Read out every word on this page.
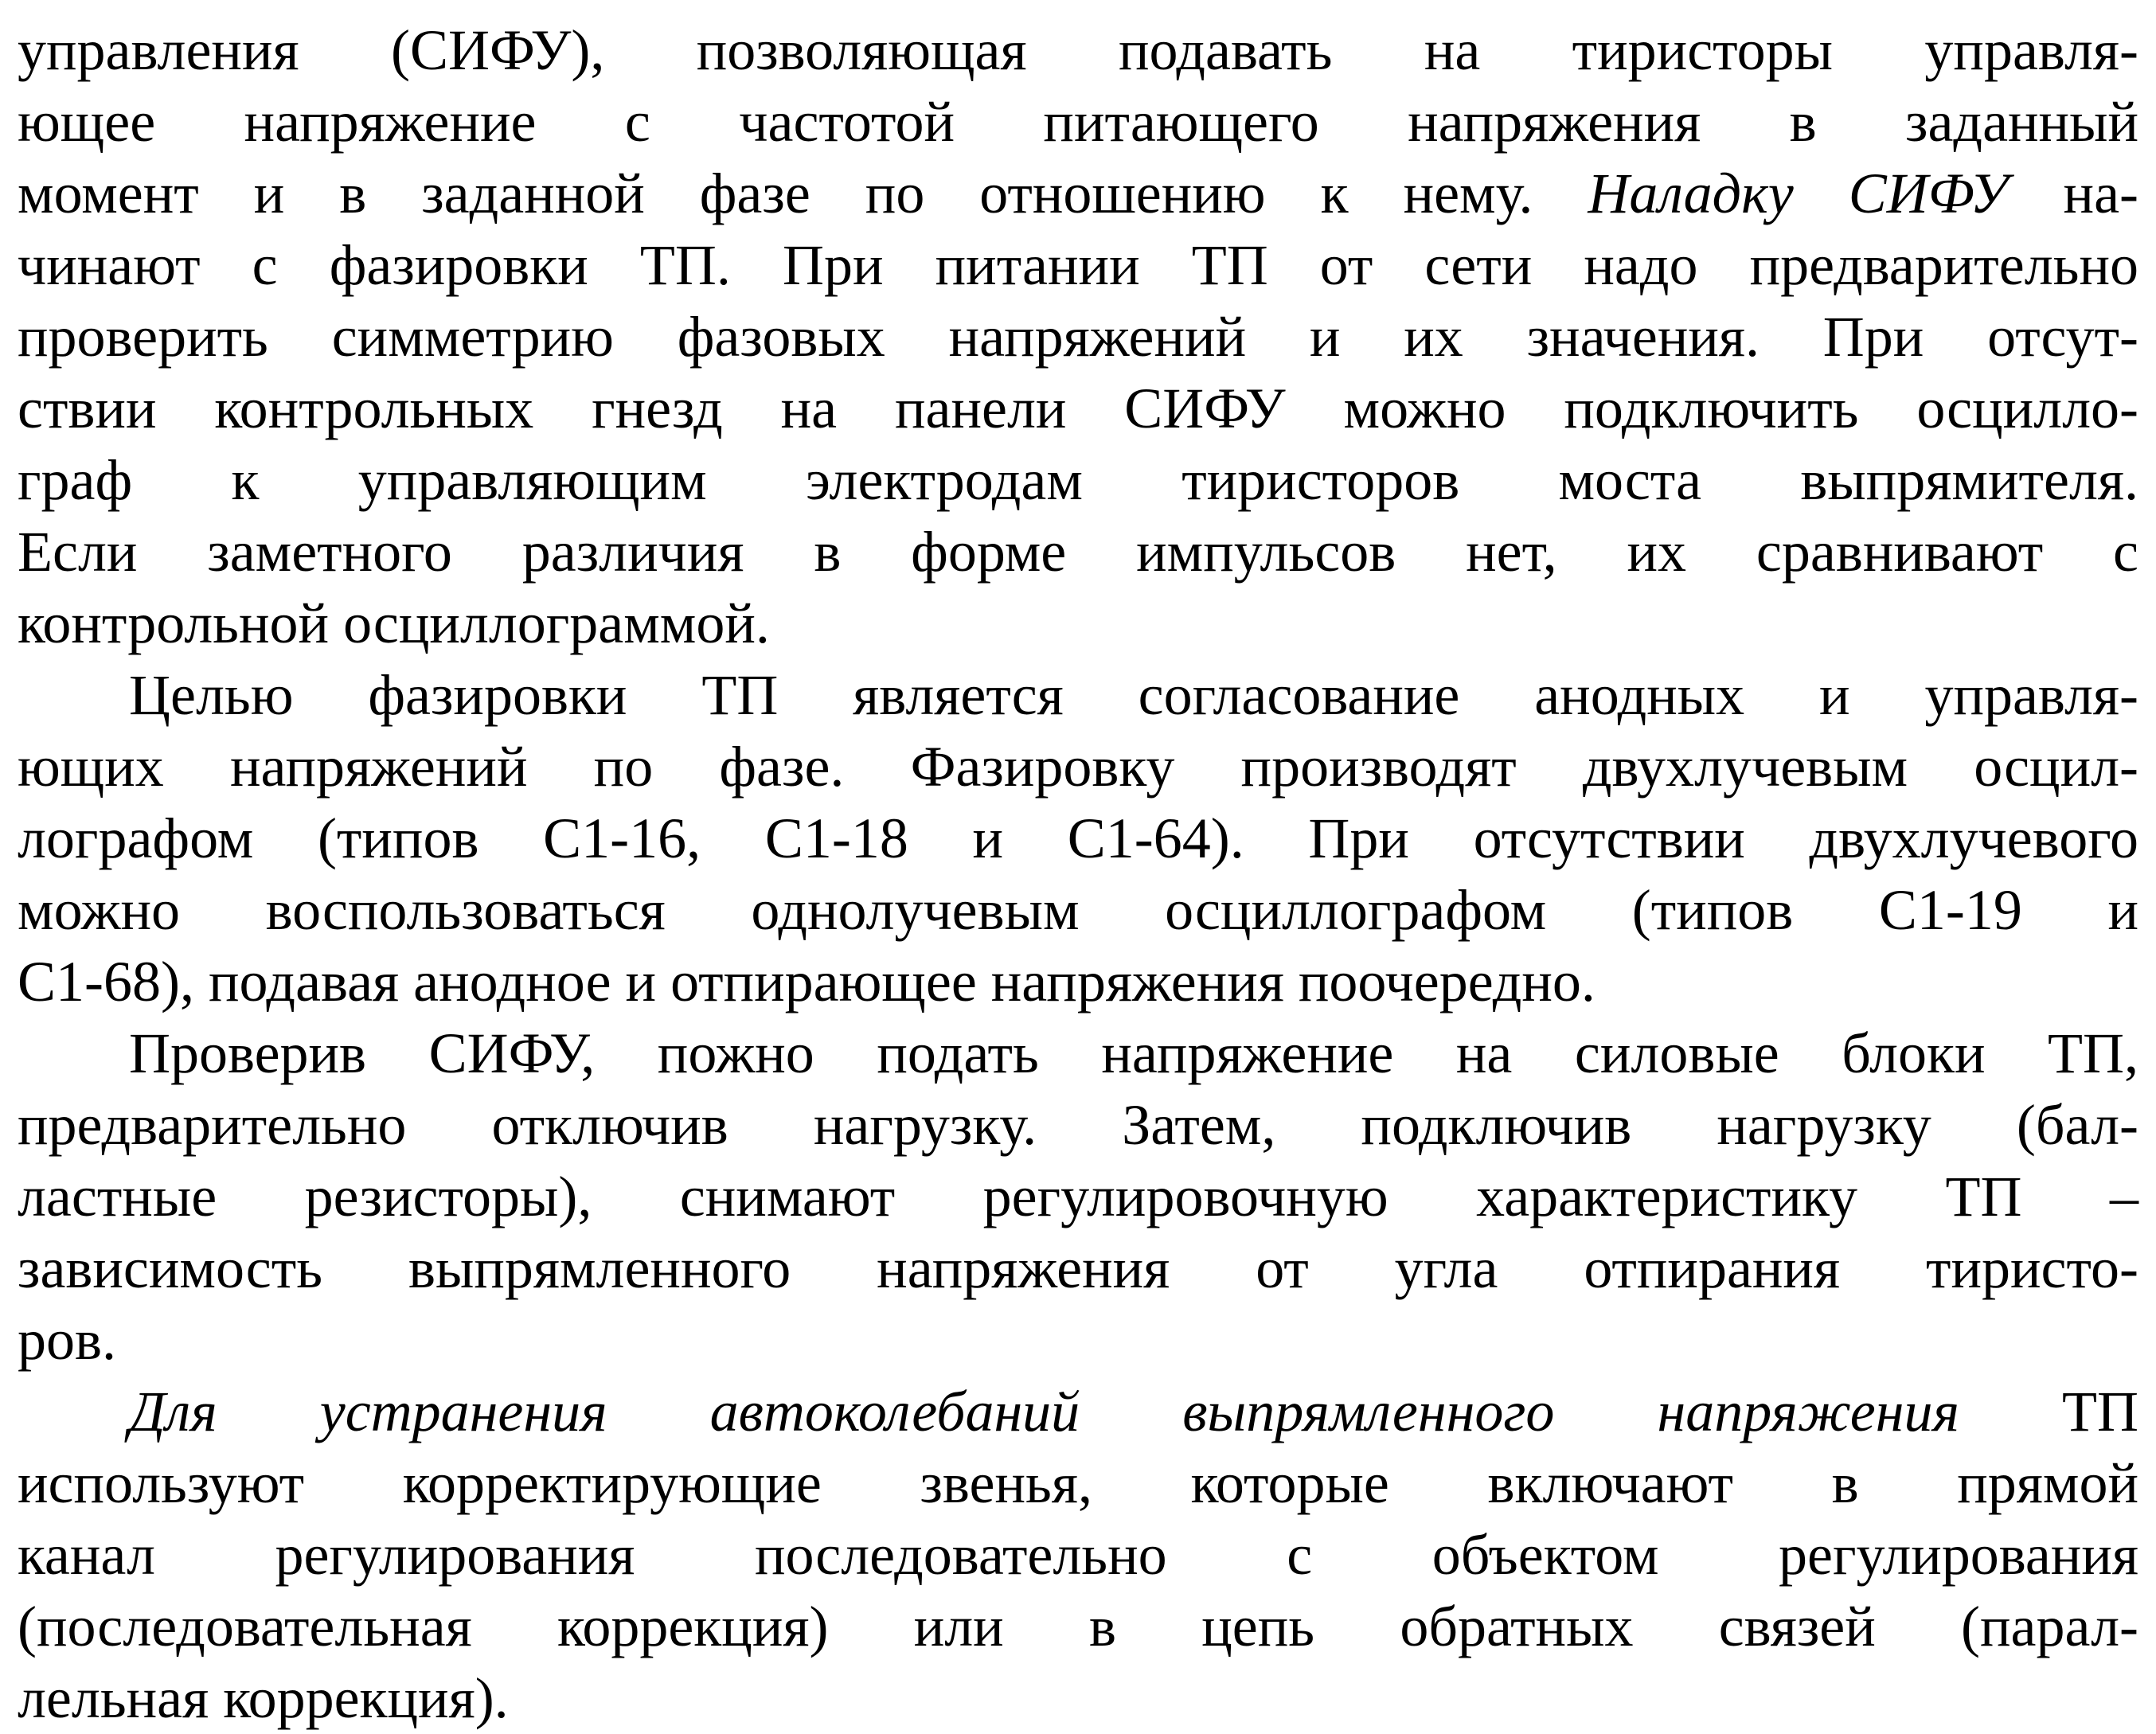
управления (СИФУ), позволяющая подавать на тиристоры управля-
ющее напряжение с частотой питающего напряжения в заданный
момент и в заданной фазе по отношению к нему. Наладку СИФУ на-
чинают с фазировки ТП. При питании ТП от сети надо предварительно
проверить симметрию фазовых напряжений и их значения. При отсут-
ствии контрольных гнезд на панели СИФУ можно подключить осцилло-
граф к управляющим электродам тиристоров моста выпрямителя.
Если заметного различия в форме импульсов нет, их сравнивают с
контрольной осциллограммой.
Целью фазировки ТП является согласование анодных и управля-
ющих напряжений по фазе. Фазировку производят двухлучевым осцил-
лографом (типов С1-16, С1-18 и С1-64). При отсутствии двухлучевого
можно воспользоваться однолучевым осциллографом (типов С1-19 и
С1-68), подавая анодное и отпирающее напряжения поочередно.
Проверив СИФУ, пожно подать напряжение на силовые блоки ТП,
предварительно отключив нагрузку. Затем, подключив нагрузку (бал-
ластные резисторы), снимают регулировочную характеристику ТП –
зависимость выпрямленного напряжения от угла отпирания тиристо-
ров.
Для устранения автоколебаний выпрямленного напряжения ТП
используют корректирующие звенья, которые включают в прямой
канал регулирования последовательно с объектом регулирования
(последовательная коррекция) или в цепь обратных связей (парал-
лельная коррекция).
